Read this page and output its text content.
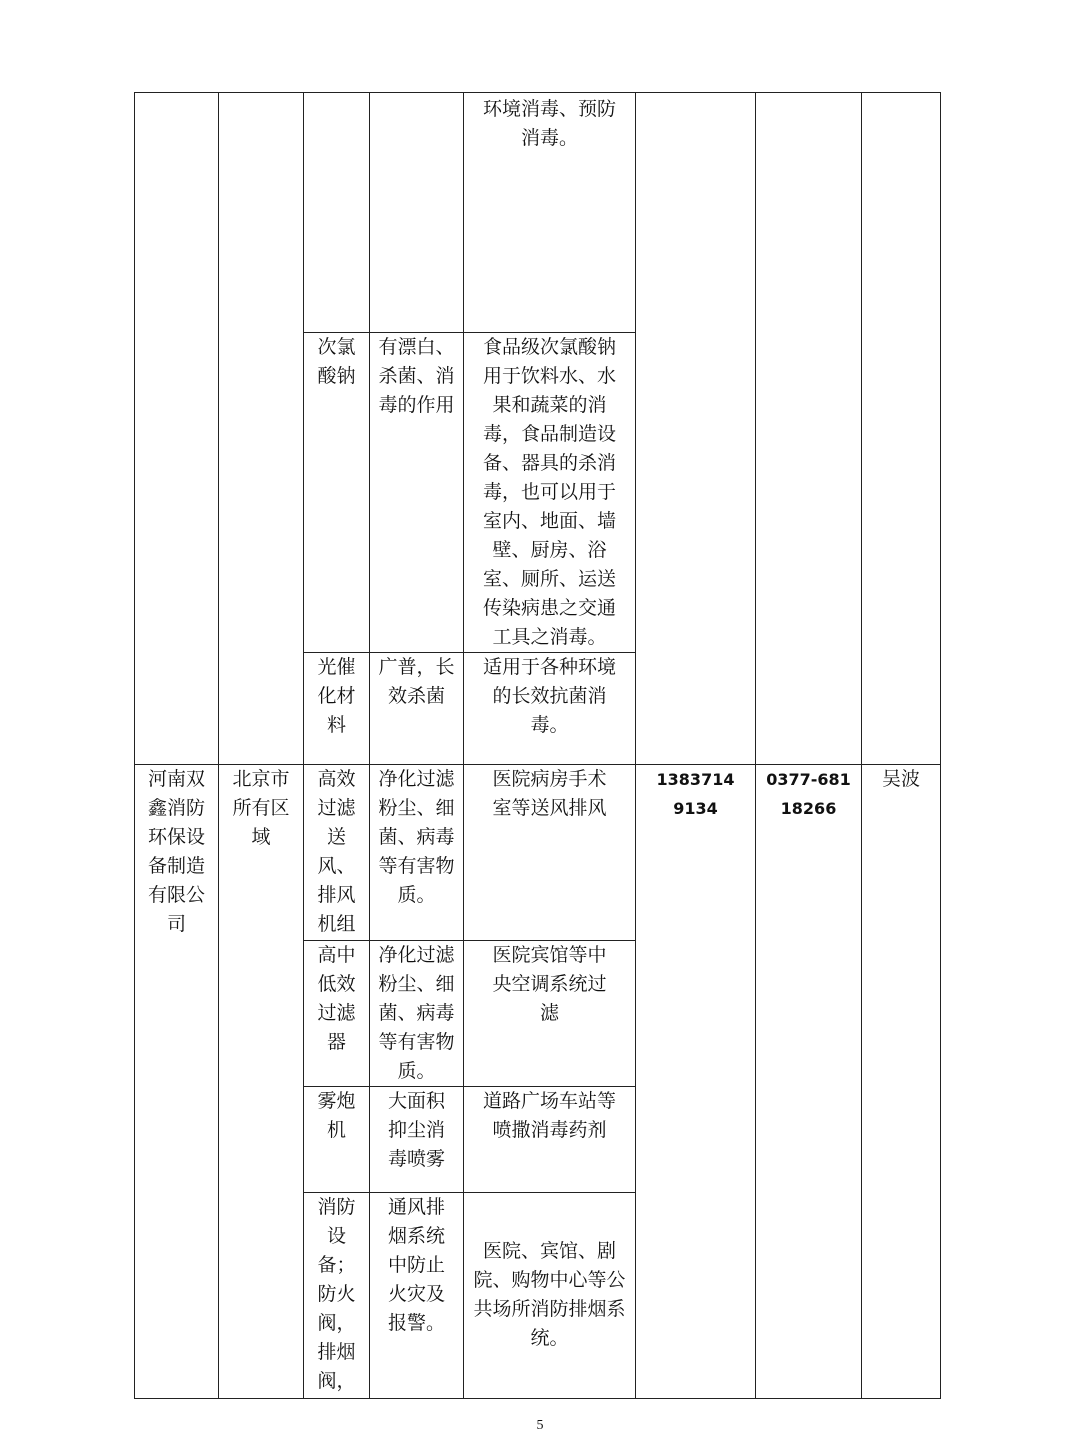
				环境消毒、预防消毒。			

		次氯酸钠	有漂白、杀菌、消毒的作用	食品级次氯酸钠用于饮料水、水果和蔬菜的消毒，食品制造设备、器具的杀消毒，也可以用于室内、地面、墙壁、厨房、浴室、厕所、运送传染病患之交通工具之消毒。			

		光催化材料	广普，长效杀菌	适用于各种环境的长效抗菌消毒。			

河南双鑫消防环保设备制造有限公司	北京市所有区域	高效过滤送风、排风机组	净化过滤粉尘、细菌、病毒等有害物质。	医院病房手术室等送风排风	13837149134	0377-68118266	吴波

		高中低效过滤器	净化过滤粉尘、细菌、病毒等有害物质。	医院宾馆等中央空调系统过滤			

		雾炮机	大面积抑尘消毒喷雾	道路广场车站等喷撒消毒药剂			

		消防设备；防火阀，排烟阀，	通风排烟系统中防止火灾及报警。	医院、宾馆、剧院、购物中心等公共场所消防排烟系统。			
5
